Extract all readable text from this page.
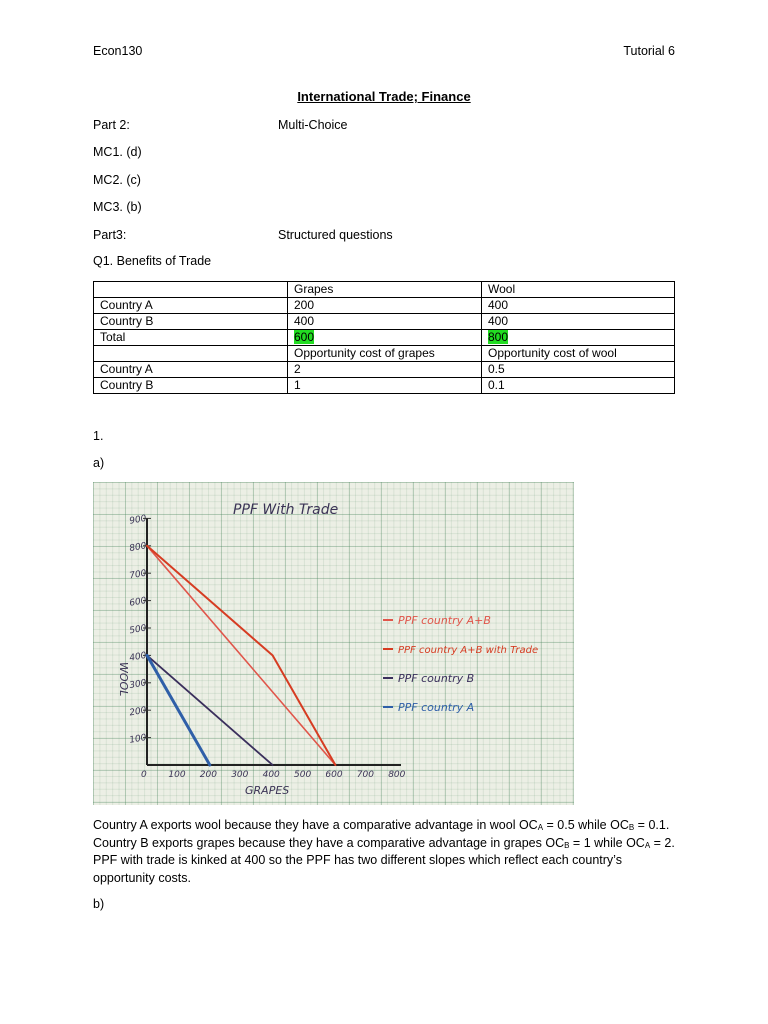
Econ130	Tutorial 6
International Trade; Finance
Part 2:	Multi-Choice
MC1. (d)
MC2. (c)
MC3. (b)
Part3:	Structured questions
Q1. Benefits of Trade
	Grapes	Wool
Country A	200	400
Country B	400	400
Total	600	800
	Opportunity cost of grapes	Opportunity cost of wool
Country A	2	0.5
Country B	1	0.1
1.
a)
PPF With Trade
WOOL
GRAPES
900
800
700
600
500
400
300
200
100
0 100 200 300 400 500 600 700 800
PPF country A+B
PPF country A+B with Trade
PPF country B
PPF country A
Country A exports wool because they have a comparative advantage in wool $OC_A = 0.5$ while $OC_B = 0.1$. Country B exports grapes because they have a comparative advantage in grapes $OC_B = 1$ while $OC_A = 2$. PPF with trade is kinked at 400 so the PPF has two different slopes which reflect each country’s opportunity costs.
b)
